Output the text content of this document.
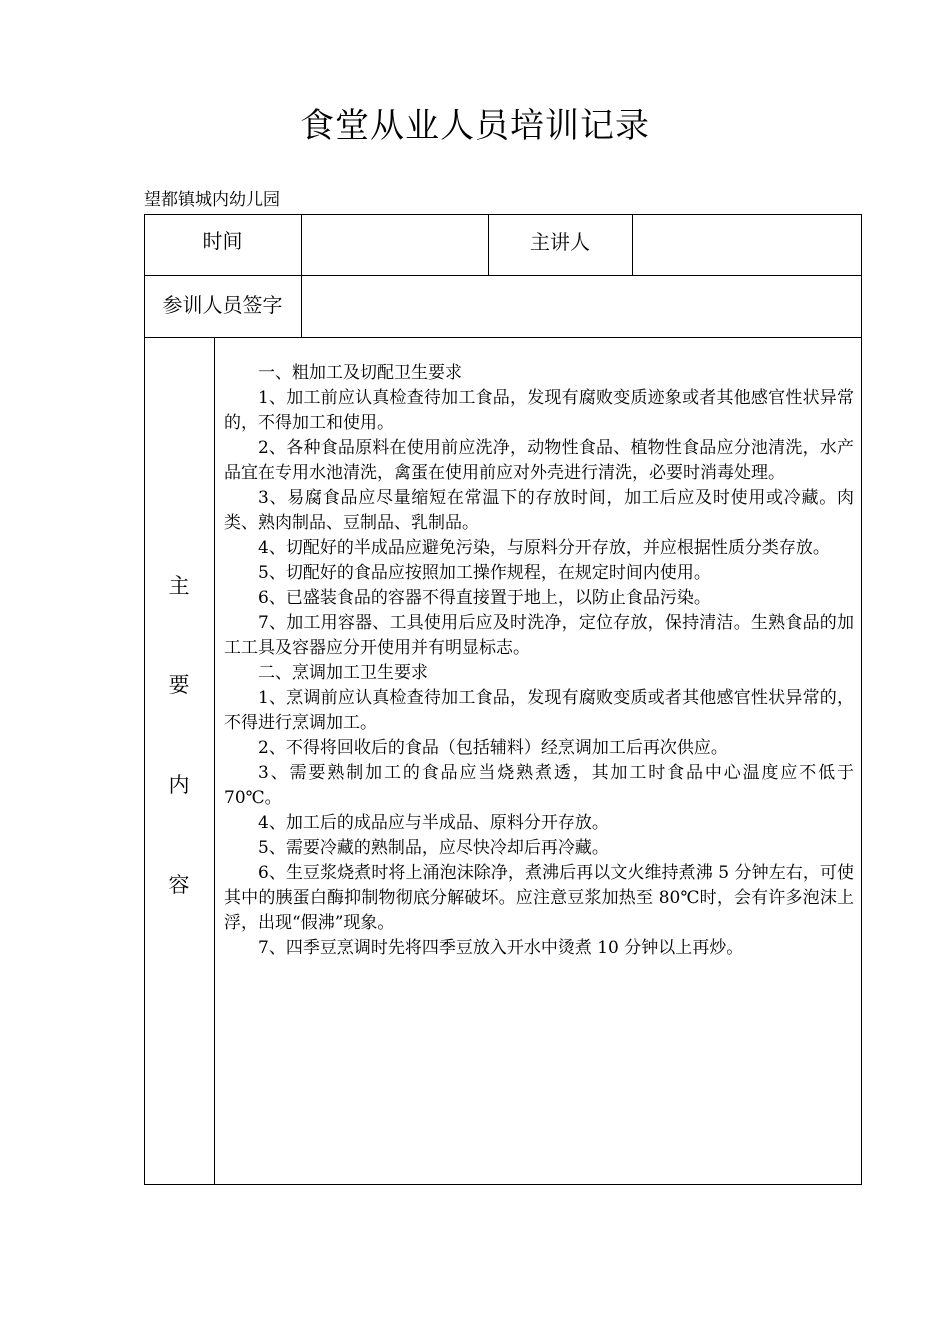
食堂从业人员培训记录
望都镇城内幼儿园
时间	主讲人
参训人员签字
主
要
内
容

一、粗加工及切配卫生要求

1、加工前应认真检查待加工食品，发现有腐败变质迹象或者其他感官性状异常的，不得加工和使用。

2、各种食品原料在使用前应洗净，动物性食品、植物性食品应分池清洗，水产品宜在专用水池清洗，禽蛋在使用前应对外壳进行清洗，必要时消毒处理。

3、易腐食品应尽量缩短在常温下的存放时间，加工后应及时使用或冷藏。肉类、熟肉制品、豆制品、乳制品。

4、切配好的半成品应避免污染，与原料分开存放，并应根据性质分类存放。

5、切配好的食品应按照加工操作规程，在规定时间内使用。

6、已盛装食品的容器不得直接置于地上，以防止食品污染。

7、加工用容器、工具使用后应及时洗净，定位存放，保持清洁。生熟食品的加工工具及容器应分开使用并有明显标志。

二、烹调加工卫生要求

1、烹调前应认真检查待加工食品，发现有腐败变质或者其他感官性状异常的，不得进行烹调加工。

2、不得将回收后的食品（包括辅料）经烹调加工后再次供应。

3、需要熟制加工的食品应当烧熟煮透，其加工时食品中心温度应不低于 70℃。

4、加工后的成品应与半成品、原料分开存放。

5、需要冷藏的熟制品，应尽快冷却后再冷藏。

6、生豆浆烧煮时将上涌泡沫除净，煮沸后再以文火维持煮沸 5 分钟左右，可使其中的胰蛋白酶抑制物彻底分解破坏。应注意豆浆加热至 80℃时，会有许多泡沫上浮，出现“假沸”现象。

7、四季豆烹调时先将四季豆放入开水中烫煮 10 分钟以上再炒。
